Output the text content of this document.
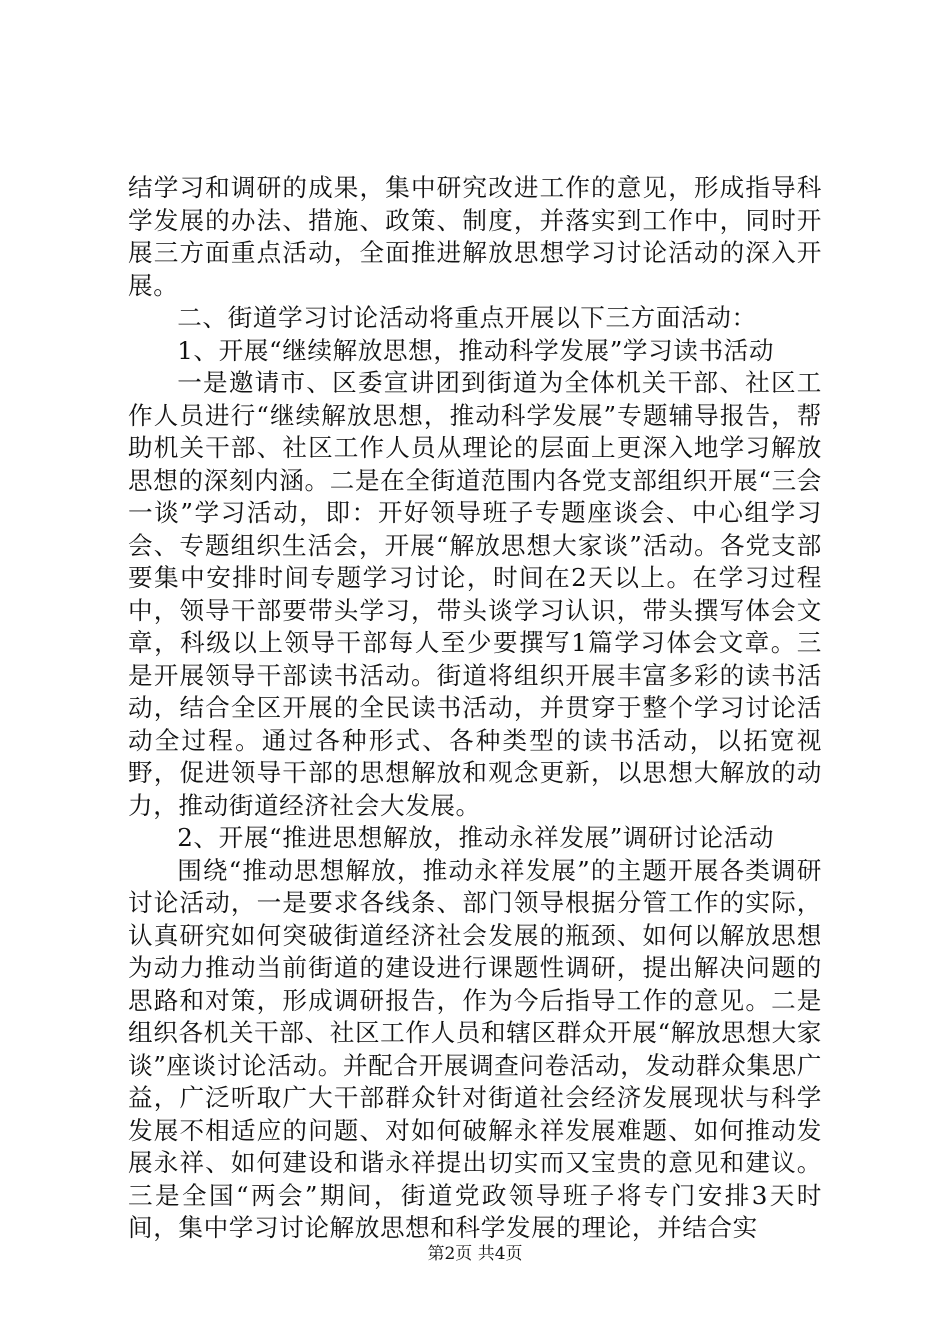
结学习和调研的成果，集中研究改进工作的意见，形成指导科学发展的办法、措施、政策、制度，并落实到工作中，同时开展三方面重点活动，全面推进解放思想学习讨论活动的深入开展。

二、街道学习讨论活动将重点开展以下三方面活动：

1、开展“继续解放思想，推动科学发展”学习读书活动

一是邀请市、区委宣讲团到街道为全体机关干部、社区工作人员进行“继续解放思想，推动科学发展”专题辅导报告，帮助机关干部、社区工作人员从理论的层面上更深入地学习解放思想的深刻内涵。二是在全街道范围内各党支部组织开展“三会一谈”学习活动，即：开好领导班子专题座谈会、中心组学习会、专题组织生活会，开展“解放思想大家谈”活动。各党支部要集中安排时间专题学习讨论，时间在2天以上。在学习过程中，领导干部要带头学习，带头谈学习认识，带头撰写体会文章，科级以上领导干部每人至少要撰写1篇学习体会文章。三是开展领导干部读书活动。街道将组织开展丰富多彩的读书活动，结合全区开展的全民读书活动，并贯穿于整个学习讨论活动全过程。通过各种形式、各种类型的读书活动，以拓宽视野，促进领导干部的思想解放和观念更新，以思想大解放的动力，推动街道经济社会大发展。

2、开展“推进思想解放，推动永祥发展”调研讨论活动

围绕“推动思想解放，推动永祥发展”的主题开展各类调研讨论活动，一是要求各线条、部门领导根据分管工作的实际，认真研究如何突破街道经济社会发展的瓶颈、如何以解放思想为动力推动当前街道的建设进行课题性调研，提出解决问题的思路和对策，形成调研报告，作为今后指导工作的意见。二是组织各机关干部、社区工作人员和辖区群众开展“解放思想大家谈”座谈讨论活动。并配合开展调查问卷活动，发动群众集思广益，广泛听取广大干部群众针对街道社会经济发展现状与科学发展不相适应的问题、对如何破解永祥发展难题、如何推动发展永祥、如何建设和谐永祥提出切实而又宝贵的意见和建议。三是全国“两会”期间，街道党政领导班子将专门安排3天时间，集中学习讨论解放思想和科学发展的理论，并结合实

第2页 共4页
